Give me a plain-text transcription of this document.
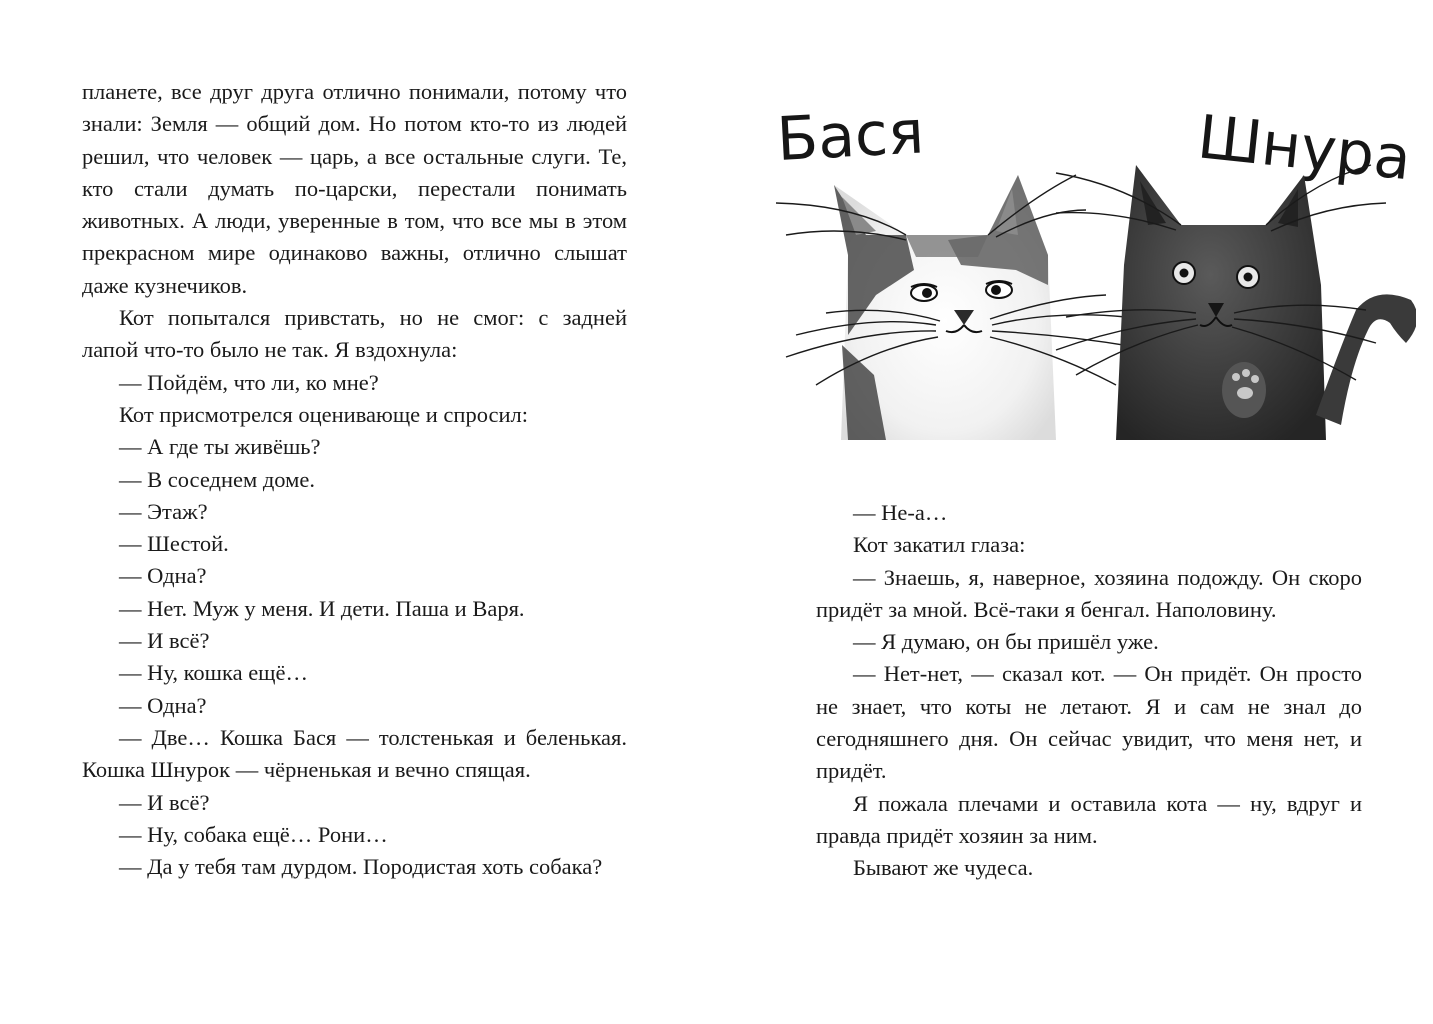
планете, все друг друга отлично понимали, потому что знали: Земля — общий дом. Но потом кто-то из людей решил, что человек — царь, а все остальные слуги. Те, кто стали думать по-царски, перестали понимать животных. А люди, уверенные в том, что все мы в этом прекрасном мире одинаково важны, отлично слышат даже кузнечиков.

Кот попытался привстать, но не смог: с задней лапой что-то было не так. Я вздохнула:

— Пойдём, что ли, ко мне?

Кот присмотрелся оценивающе и спросил:

— А где ты живёшь?

— В соседнем доме.

— Этаж?

— Шестой.

— Одна?

— Нет. Муж у меня. И дети. Паша и Варя.

— И всё?

— Ну, кошка ещё…

— Одна?

— Две… Кошка Бася — толстенькая и беленькая. Кошка Шнурок — чёрненькая и вечно спящая.

— И всё?

— Ну, собака ещё… Рони…

— Да у тебя там дурдом. Породистая хоть собака?

Бася	Шнура

— Не-а…

Кот закатил глаза:

— Знаешь, я, наверное, хозяина подожду. Он скоро придёт за мной. Всё-таки я бенгал. Наполовину.

— Я думаю, он бы пришёл уже.

— Нет-нет, — сказал кот. — Он придёт. Он просто не знает, что коты не летают. Я и сам не знал до сегодняшнего дня. Он сейчас увидит, что меня нет, и придёт.

Я пожала плечами и оставила кота — ну, вдруг и правда придёт хозяин за ним.

Бывают же чудеса.
